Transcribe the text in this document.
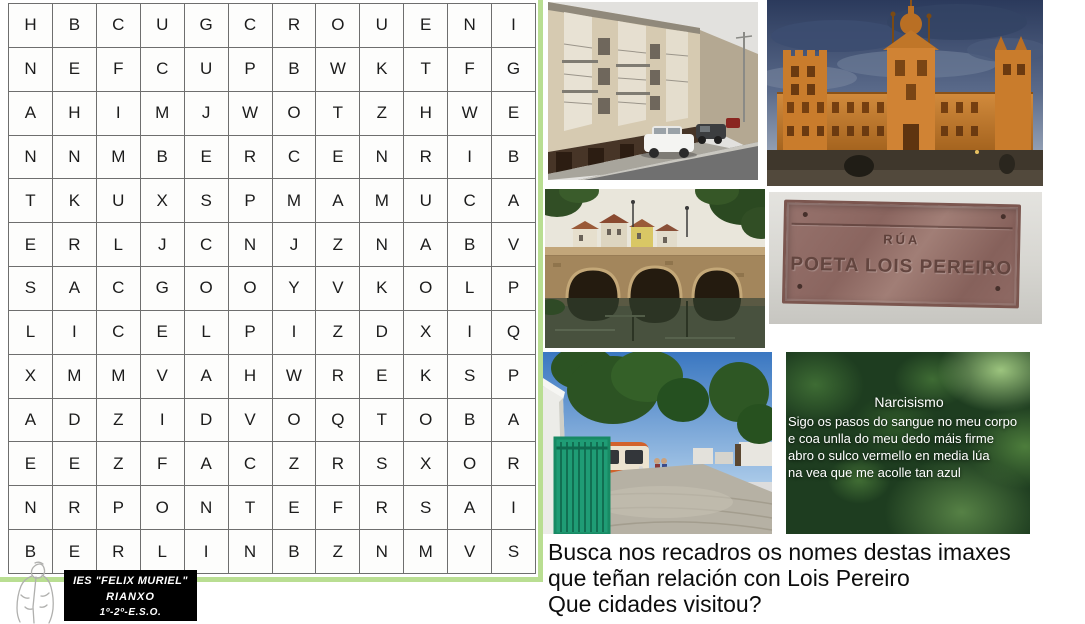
H	B	C	U	G	C	R	O	U	E	N	I
N	E	F	C	U	P	B	W	K	T	F	G
A	H	I	M	J	W	O	T	Z	H	W	E
N	N	M	B	E	R	C	E	N	R	I	B
T	K	U	X	S	P	M	A	M	U	C	A
E	R	L	J	C	N	J	Z	N	A	B	V
S	A	C	G	O	O	Y	V	K	O	L	P
L	I	C	E	L	P	I	Z	D	X	I	Q
X	M	M	V	A	H	W	R	E	K	S	P
A	D	Z	I	D	V	O	Q	T	O	B	A
E	E	Z	F	A	C	Z	R	S	X	O	R
N	R	P	O	N	T	E	F	R	S	A	I
B	E	R	L	I	N	B	Z	N	M	V	S
IES "FELIX MURIEL"
RIANXO
1º-2º-E.S.O.
RÚA
POETA LOIS PEREIRO
Narcisismo
Sigo os pasos do sangue no meu corpo
e coa unlla do meu dedo máis firme
abro o sulco vermello en media lúa
na vea que me acolle tan azul
Busca nos recadros os nomes destas imaxes
que teñan relación con Lois Pereiro
Que cidades visitou?
